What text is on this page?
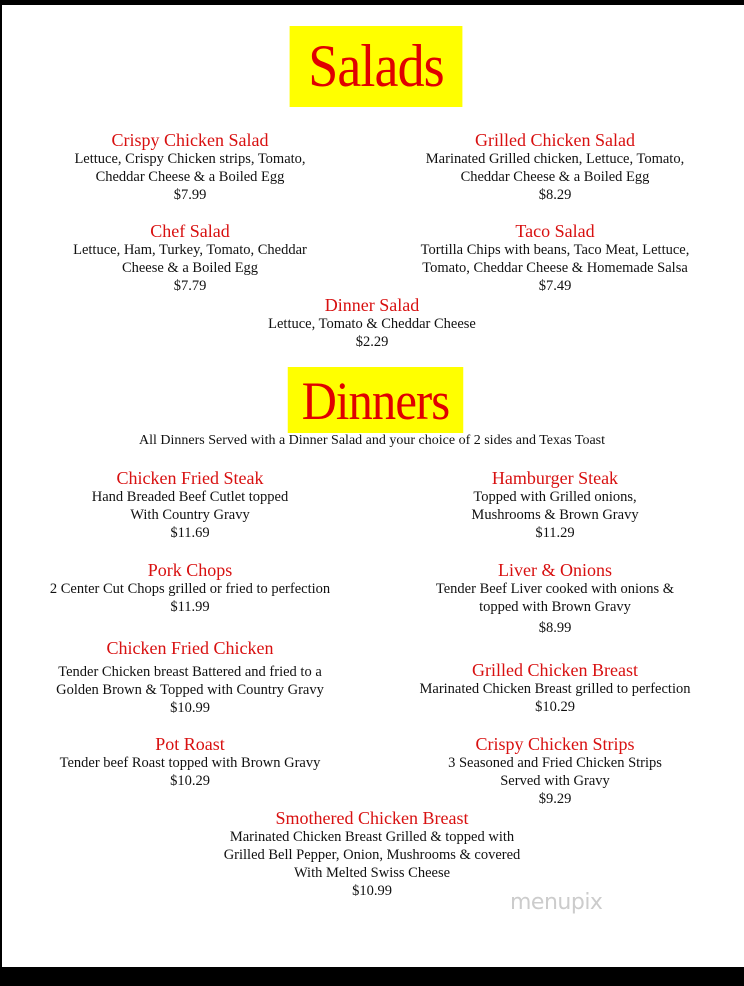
Salads
Crispy Chicken Salad
Lettuce, Crispy Chicken strips, Tomato,
Cheddar Cheese & a Boiled Egg
$7.99
Grilled Chicken Salad
Marinated Grilled chicken, Lettuce, Tomato,
Cheddar Cheese & a Boiled Egg
$8.29
Chef Salad
Lettuce, Ham, Turkey, Tomato, Cheddar
Cheese & a Boiled Egg
$7.79
Taco Salad
Tortilla Chips with beans, Taco Meat, Lettuce,
Tomato, Cheddar Cheese & Homemade Salsa
$7.49
Dinner Salad
Lettuce, Tomato & Cheddar Cheese
$2.29
Dinners
All Dinners Served with a Dinner Salad and your choice of 2 sides and Texas Toast
Chicken Fried Steak
Hand Breaded Beef Cutlet topped
With Country Gravy
$11.69
Hamburger Steak
Topped with Grilled onions,
Mushrooms & Brown Gravy
$11.29
Pork Chops
2 Center Cut Chops grilled or fried to perfection
$11.99
Liver & Onions
Tender Beef Liver cooked with onions &
topped with Brown Gravy
$8.99
Chicken Fried Chicken
Tender Chicken breast Battered and fried to a
Golden Brown & Topped with Country Gravy
$10.99
Grilled Chicken Breast
Marinated Chicken Breast grilled to perfection
$10.29
Pot Roast
Tender beef Roast topped with Brown Gravy
$10.29
Crispy Chicken Strips
3 Seasoned and Fried Chicken Strips
Served with Gravy
$9.29
Smothered Chicken Breast
Marinated Chicken Breast Grilled & topped with
Grilled Bell Pepper, Onion, Mushrooms & covered
With Melted Swiss Cheese
$10.99	menupix
